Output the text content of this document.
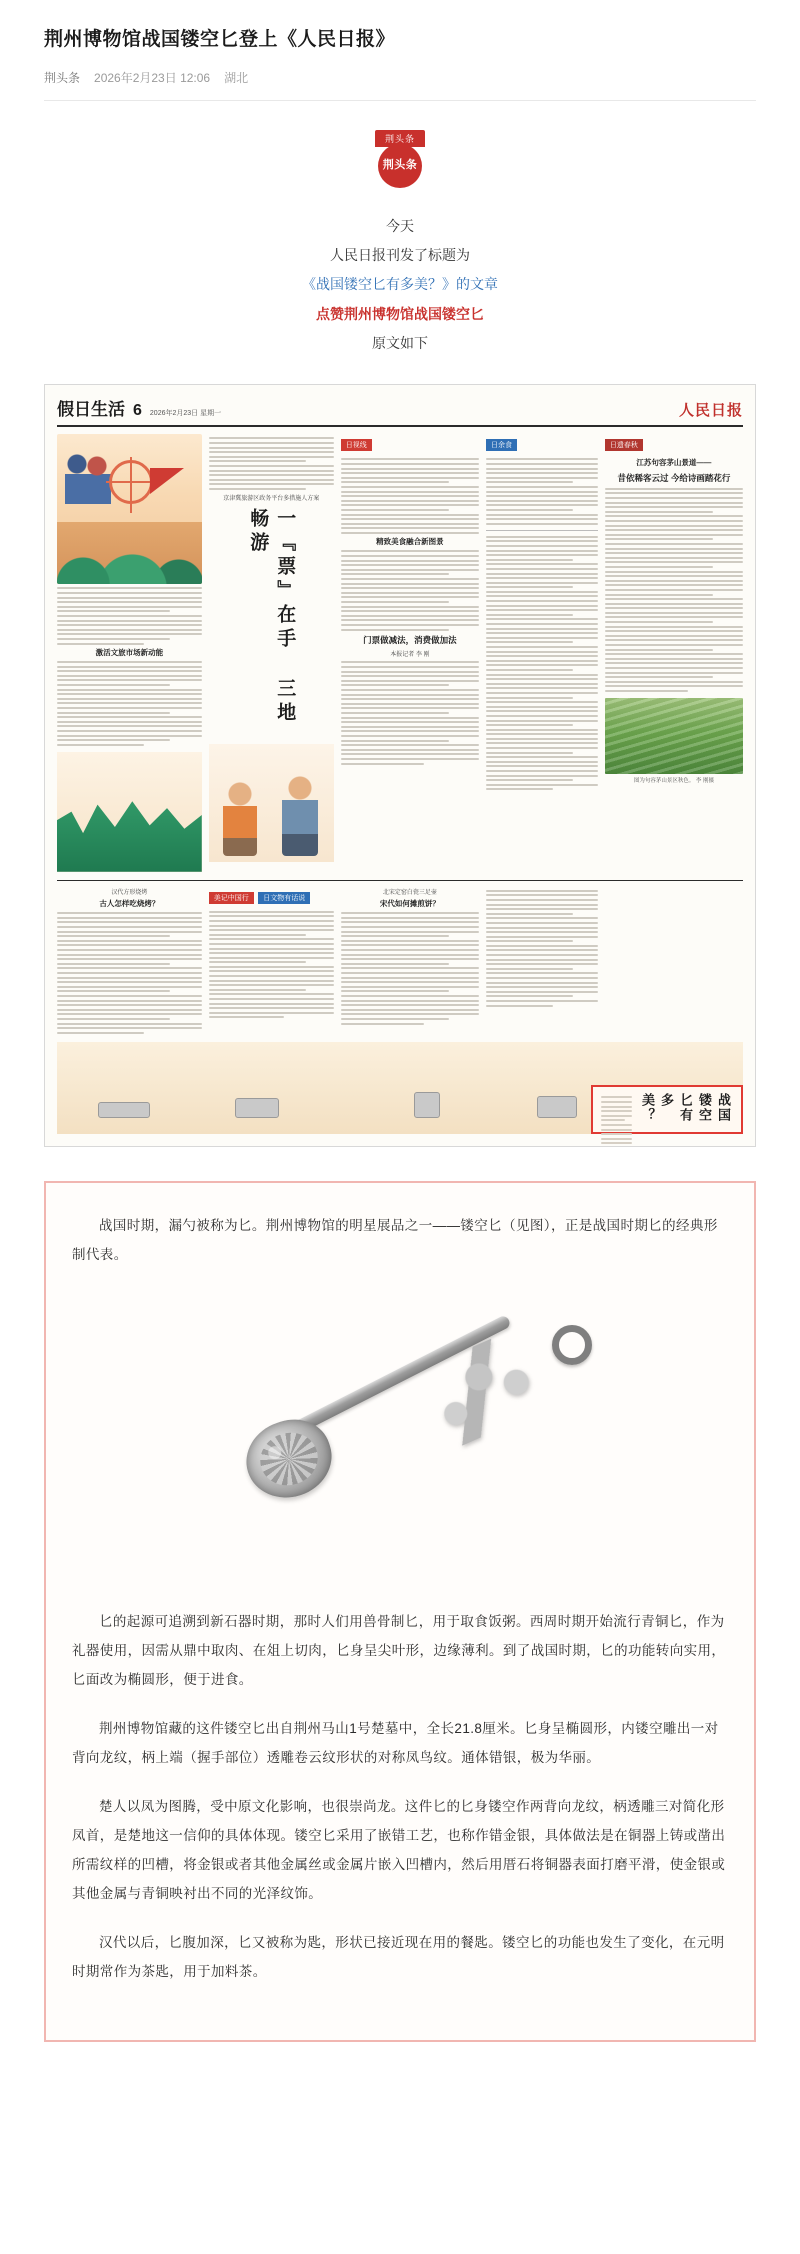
荆州博物馆战国镂空匕登上《人民日报》
荆头条 2026年2月23日 12:06 湖北
荆头条
荆头条
今天
人民日报刊发了标题为
《战国镂空匕有多美？》的文章
点赞荆州博物馆战国镂空匕
原文如下
假日生活 6 2026年2月23日 星期一	人民日报
激活文旅市场新动能
京津冀旅游区政务平台多措施人方案
一『票』在手 三地畅游
日视线
精致美食融合新图景
门票做减法，消费做加法
本报记者 李 刚
日余食	日遗春秋
江苏句容茅山景道——
昔依稀客云过 今给诗画踏花行
图为句容茅山景区秋色。 李 刚摄
汉代方形烧烤
古人怎样吃烧烤？
美记中国行 日文物有话说
北宋定窑白瓷三足壶
宋代如何摊煎饼？
战国镂空匕有多美？

战国时期，漏勺被称为匕。荆州博物馆的明星展品之一——镂空匕（见图），正是战国时期匕的经典形制代表。

匕的起源可追溯到新石器时期，那时人们用兽骨制匕，用于取食饭粥。西周时期开始流行青铜匕，作为礼器使用，因需从鼎中取肉、在俎上切肉，匕身呈尖叶形，边缘薄利。到了战国时期，匕的功能转向实用，匕面改为椭圆形，便于进食。

荆州博物馆藏的这件镂空匕出自荆州马山1号楚墓中，全长21.8厘米。匕身呈椭圆形，内镂空雕出一对背向龙纹，柄上端（握手部位）透雕卷云纹形状的对称凤鸟纹。通体错银，极为华丽。

楚人以凤为图腾，受中原文化影响，也很崇尚龙。这件匕的匕身镂空作两背向龙纹，柄透雕三对简化形凤首，是楚地这一信仰的具体体现。镂空匕采用了嵌错工艺，也称作错金银，具体做法是在铜器上铸或凿出所需纹样的凹槽，将金银或者其他金属丝或金属片嵌入凹槽内，然后用厝石将铜器表面打磨平滑，使金银或其他金属与青铜映衬出不同的光泽纹饰。

汉代以后，匕腹加深，匕又被称为匙，形状已接近现在用的餐匙。镂空匕的功能也发生了变化，在元明时期常作为茶匙，用于加料茶。
